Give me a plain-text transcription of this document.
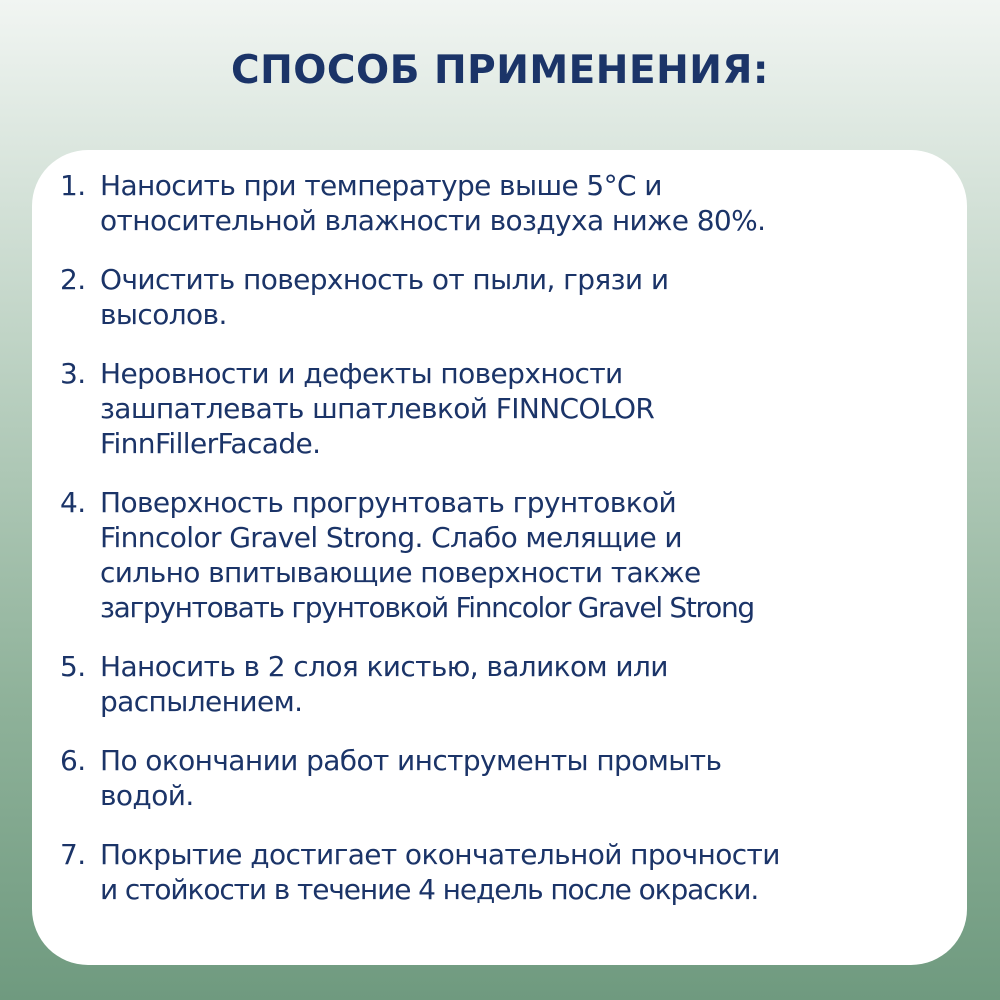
СПОСОБ ПРИМЕНЕНИЯ:
1. Наносить при температуре выше 5°С и
относительной влажности воздуха ниже 80%.
2. Очистить поверхность от пыли, грязи и
высолов.
3. Неровности и дефекты поверхности
зашпатлевать шпатлевкой FINNCOLOR
FinnFillerFacade.
4. Поверхность прогрунтовать грунтовкой
Finncolor Gravel Strong. Слабо мелящие и
сильно впитывающие поверхности также
загрунтовать грунтовкой Finncolor Gravel Strong
5. Наносить в 2 слоя кистью, валиком или
распылением.
6. По окончании работ инструменты промыть
водой.
7. Покрытие достигает окончательной прочности
и стойкости в течение 4 недель после окраски.
